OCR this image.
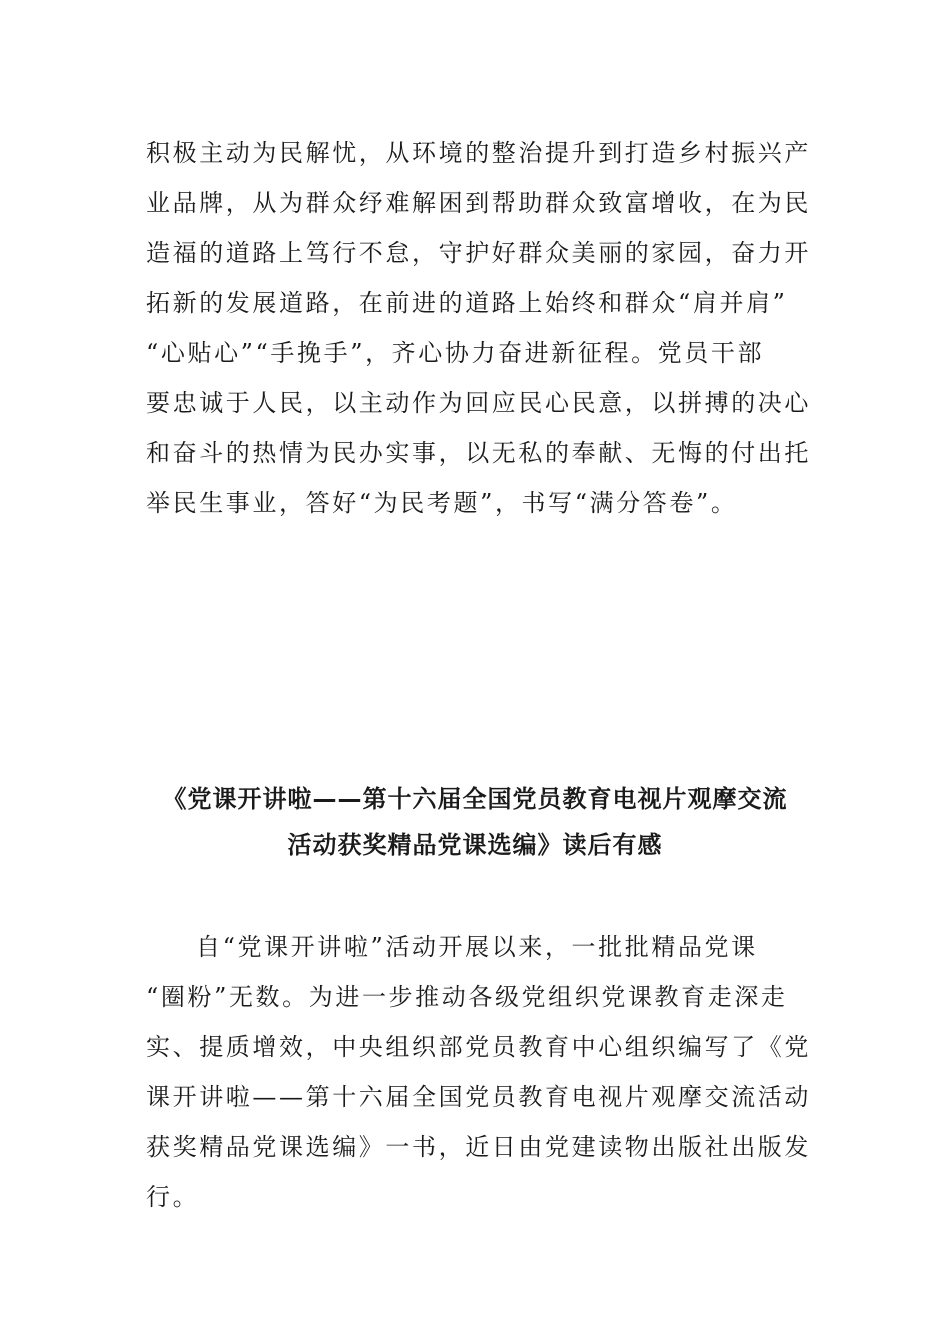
积极主动为民解忧，从环境的整治提升到打造乡村振兴产
业品牌，从为群众纾难解困到帮助群众致富增收，在为民
造福的道路上笃行不怠，守护好群众美丽的家园，奋力开
拓新的发展道路，在前进的道路上始终和群众“肩并肩”
“心贴心”“手挽手”，齐心协力奋进新征程。党员干部
要忠诚于人民，以主动作为回应民心民意，以拼搏的决心
和奋斗的热情为民办实事，以无私的奉献、无悔的付出托
举民生事业，答好“为民考题”，书写“满分答卷”。
《党课开讲啦——第十六届全国党员教育电视片观摩交流
活动获奖精品党课选编》读后有感
自“党课开讲啦”活动开展以来，一批批精品党课
“圈粉”无数。为进一步推动各级党组织党课教育走深走
实、提质增效，中央组织部党员教育中心组织编写了《党
课开讲啦——第十六届全国党员教育电视片观摩交流活动
获奖精品党课选编》一书，近日由党建读物出版社出版发
行。
